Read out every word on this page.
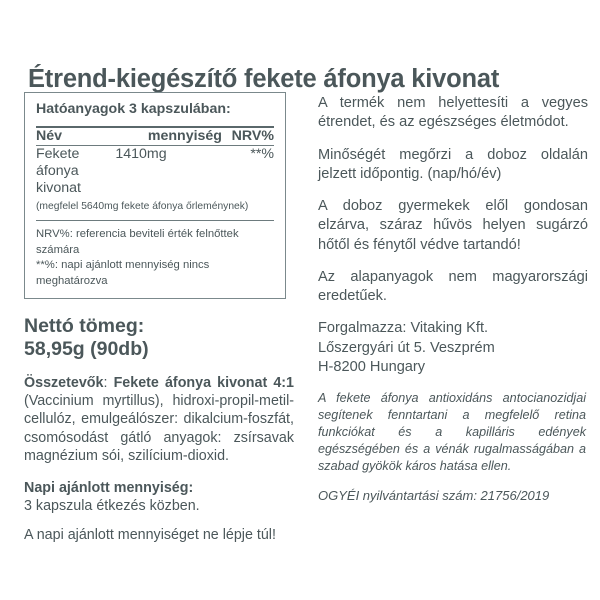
Étrend-kiegészítő fekete áfonya kivonat
Hatóanyagok 3 kapszulában:
Név	mennyiség	NRV%
Fekete áfonya kivonat	1410mg	**%
(megfelel 5640mg fekete áfonya őrleménynek)
NRV%: referencia beviteli érték felnőttek számára
**%: napi ajánlott mennyiség nincs meghatározva
Nettó tömeg:
58,95g (90db)
Összetevők: Fekete áfonya kivonat 4:1 (Vaccinium myrtillus), hidroxi-propil-metil-cellulóz, emulgeálószer: dikalcium-foszfát, csomósodást gátló anyagok: zsírsavak magnézium sói, szilícium-dioxid.
Napi ajánlott mennyiség:
3 kapszula étkezés közben.
A napi ajánlott mennyiséget ne lépje túl!
A termék nem helyettesíti a vegyes étrendet, és az egészséges életmódot.
Minőségét megőrzi a doboz oldalán jelzett időpontig. (nap/hó/év)
A doboz gyermekek elől gondosan elzárva, száraz hűvös helyen sugárzó hőtől és fénytől védve tartandó!
Az alapanyagok nem magyarországi eredetűek.
Forgalmazza: Vitaking Kft.
Lőszergyári út 5. Veszprém
H-8200 Hungary
A fekete áfonya antioxidáns antocianozidjai segítenek fenntartani a megfelelő retina funkciókat és a kapilláris edények egészségében és a vénák rugalmasságában a szabad gyökök káros hatása ellen.
OGYÉI nyilvántartási szám: 21756/2019
